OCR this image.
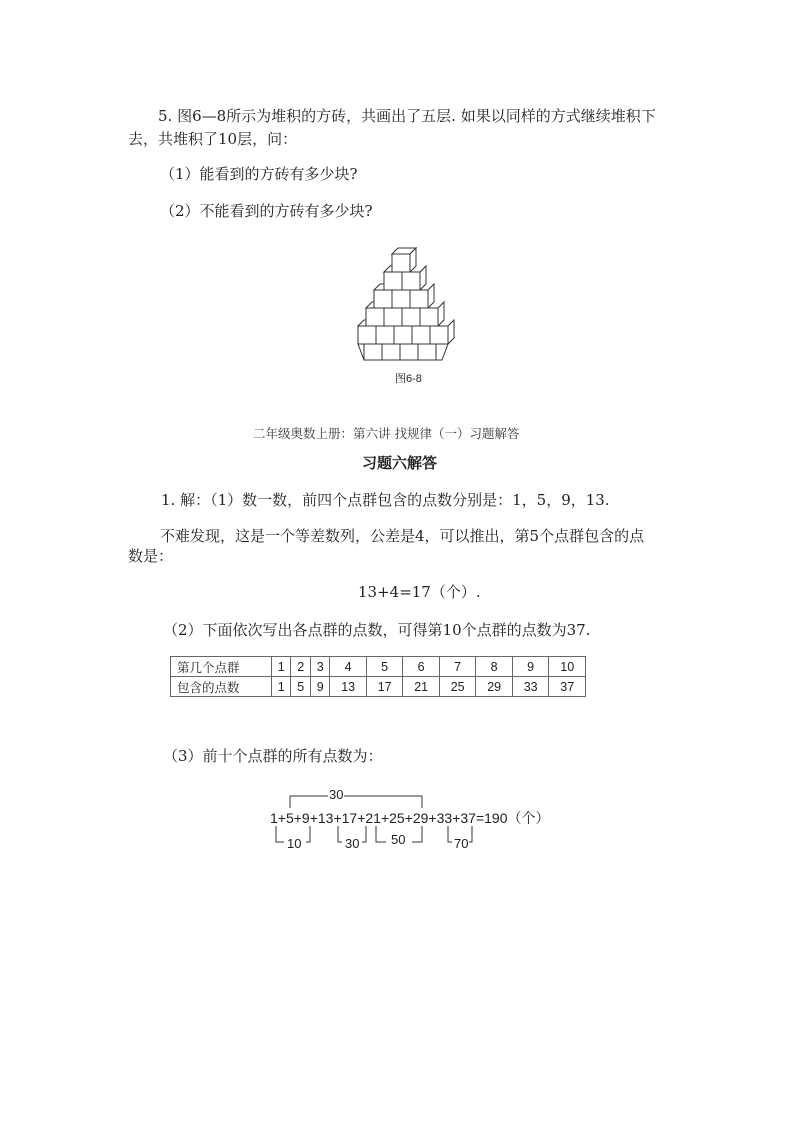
5. 图6—8所示为堆积的方砖，共画出了五层. 如果以同样的方式继续堆积下
去，共堆积了10层，问：
（1）能看到的方砖有多少块?
（2）不能看到的方砖有多少块?
图6-8
二年级奥数上册：第六讲 找规律（一）习题解答
习题六解答
1. 解：（1）数一数，前四个点群包含的点数分别是：1，5，9，13.
不难发现，这是一个等差数列，公差是4，可以推出，第5个点群包含的点
数是：
13+4=17（个）.
（2）下面依次写出各点群的点数，可得第10个点群的点数为37.
第几个点群	1	2	3	4	5	6	7	8	9	10
包含的点数	1	5	9	13	17	21	25	29	33	37
（3）前十个点群的所有点数为：
30
1+5+9+13+17+21+25+29+33+37=190（个）
10	30 50	70
